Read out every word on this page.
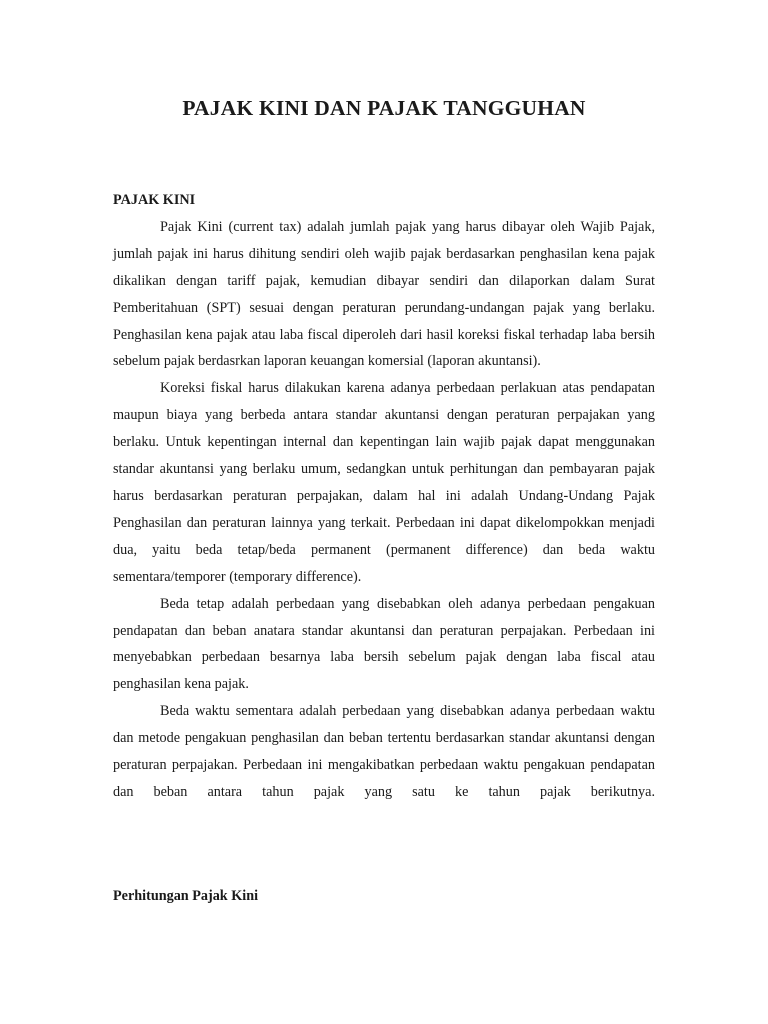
PAJAK KINI DAN PAJAK TANGGUHAN

PAJAK KINI

Pajak Kini (current tax) adalah jumlah pajak yang harus dibayar oleh Wajib Pajak, jumlah pajak ini harus dihitung sendiri oleh wajib pajak berdasarkan penghasilan kena pajak dikalikan dengan tariff pajak, kemudian dibayar sendiri dan dilaporkan dalam Surat Pemberitahuan (SPT) sesuai dengan peraturan perundang-undangan pajak yang berlaku. Penghasilan kena pajak atau laba fiscal diperoleh dari hasil koreksi fiskal terhadap laba bersih sebelum pajak berdasrkan laporan keuangan komersial (laporan akuntansi).

Koreksi fiskal harus dilakukan karena adanya perbedaan perlakuan atas pendapatan maupun biaya yang berbeda antara standar akuntansi dengan peraturan perpajakan yang berlaku. Untuk kepentingan internal dan kepentingan lain wajib pajak dapat menggunakan standar akuntansi yang berlaku umum, sedangkan untuk perhitungan dan pembayaran pajak harus berdasarkan peraturan perpajakan, dalam hal ini adalah Undang-Undang Pajak Penghasilan dan peraturan lainnya yang terkait. Perbedaan ini dapat dikelompokkan menjadi dua, yaitu beda tetap/beda permanent (permanent difference) dan beda waktu sementara/temporer (temporary difference).

Beda tetap adalah perbedaan yang disebabkan oleh adanya perbedaan pengakuan pendapatan dan beban anatara standar akuntansi dan peraturan perpajakan. Perbedaan ini menyebabkan perbedaan besarnya laba bersih sebelum pajak dengan laba fiscal atau penghasilan kena pajak.

Beda waktu sementara adalah perbedaan yang disebabkan adanya perbedaan waktu dan metode pengakuan penghasilan dan beban tertentu berdasarkan standar akuntansi dengan peraturan perpajakan. Perbedaan ini mengakibatkan perbedaan waktu pengakuan pendapatan dan beban antara tahun pajak yang satu ke tahun pajak berikutnya.

Perhitungan Pajak Kini
